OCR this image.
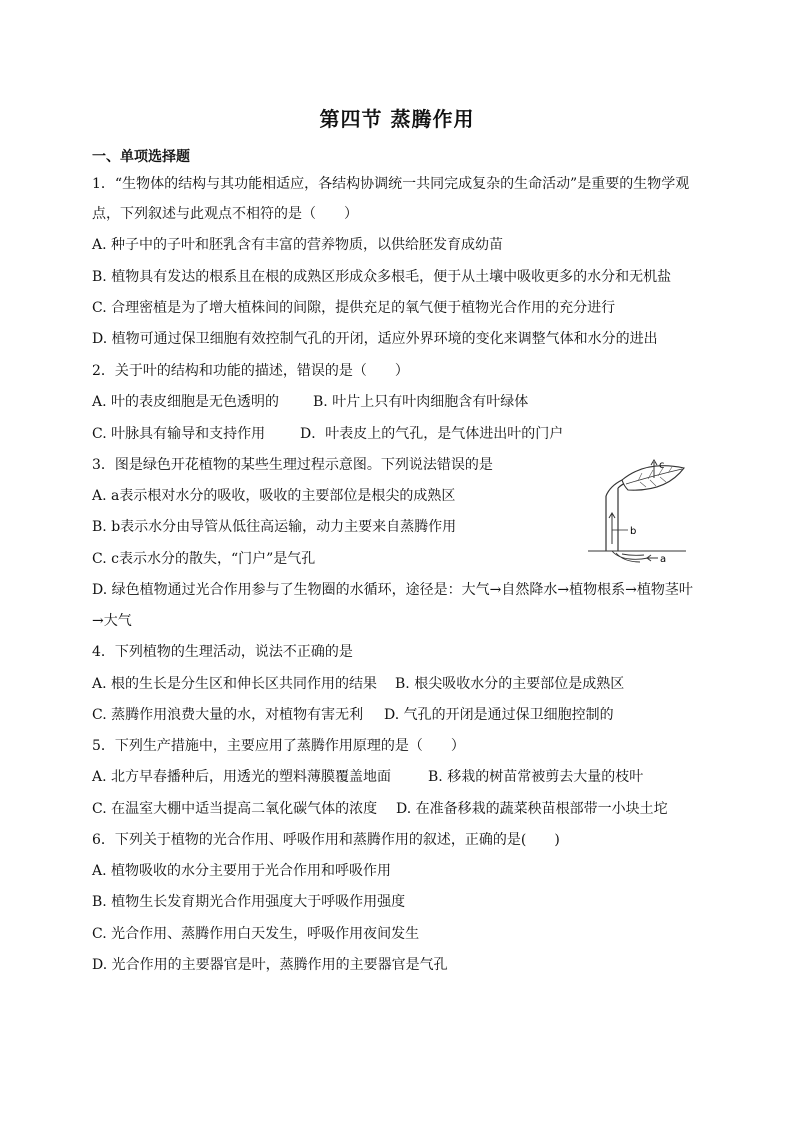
第四节 蒸腾作用
一、单项选择题
1．“生物体的结构与其功能相适应，各结构协调统一共同完成复杂的生命活动”是重要的生物学观
点，下列叙述与此观点不相符的是（　　）
A. 种子中的子叶和胚乳含有丰富的营养物质，以供给胚发育成幼苗
B. 植物具有发达的根系且在根的成熟区形成众多根毛，便于从土壤中吸收更多的水分和无机盐
C. 合理密植是为了增大植株间的间隙，提供充足的氧气便于植物光合作用的充分进行
D. 植物可通过保卫细胞有效控制气孔的开闭，适应外界环境的变化来调整气体和水分的进出
2．关于叶的结构和功能的描述，错误的是（　　）
A. 叶的表皮细胞是无色透明的 B. 叶片上只有叶肉细胞含有叶绿体
C. 叶脉具有输导和支持作用 D．叶表皮上的气孔，是气体进出叶的门户
3．图是绿色开花植物的某些生理过程示意图。下列说法错误的是
A. a表示根对水分的吸收，吸收的主要部位是根尖的成熟区
B. b表示水分由导管从低往高运输，动力主要来自蒸腾作用
C. c表示水分的散失，“门户”是气孔
D. 绿色植物通过光合作用参与了生物圈的水循环，途径是：大气→自然降水→植物根系→植物茎叶
→大气
c
b
a
4．下列植物的生理活动，说法不正确的是
A. 根的生长是分生区和伸长区共同作用的结果 B. 根尖吸收水分的主要部位是成熟区
C. 蒸腾作用浪费大量的水，对植物有害无利 D. 气孔的开闭是通过保卫细胞控制的
5．下列生产措施中，主要应用了蒸腾作用原理的是（　　）
A. 北方早春播种后，用透光的塑料薄膜覆盖地面	B. 移栽的树苗常被剪去大量的枝叶
C. 在温室大棚中适当提高二氧化碳气体的浓度 D. 在准备移栽的蔬菜秧苗根部带一小块土坨
6．下列关于植物的光合作用、呼吸作用和蒸腾作用的叙述，正确的是(　　)
A. 植物吸收的水分主要用于光合作用和呼吸作用
B. 植物生长发育期光合作用强度大于呼吸作用强度
C. 光合作用、蒸腾作用白天发生，呼吸作用夜间发生
D. 光合作用的主要器官是叶，蒸腾作用的主要器官是气孔
